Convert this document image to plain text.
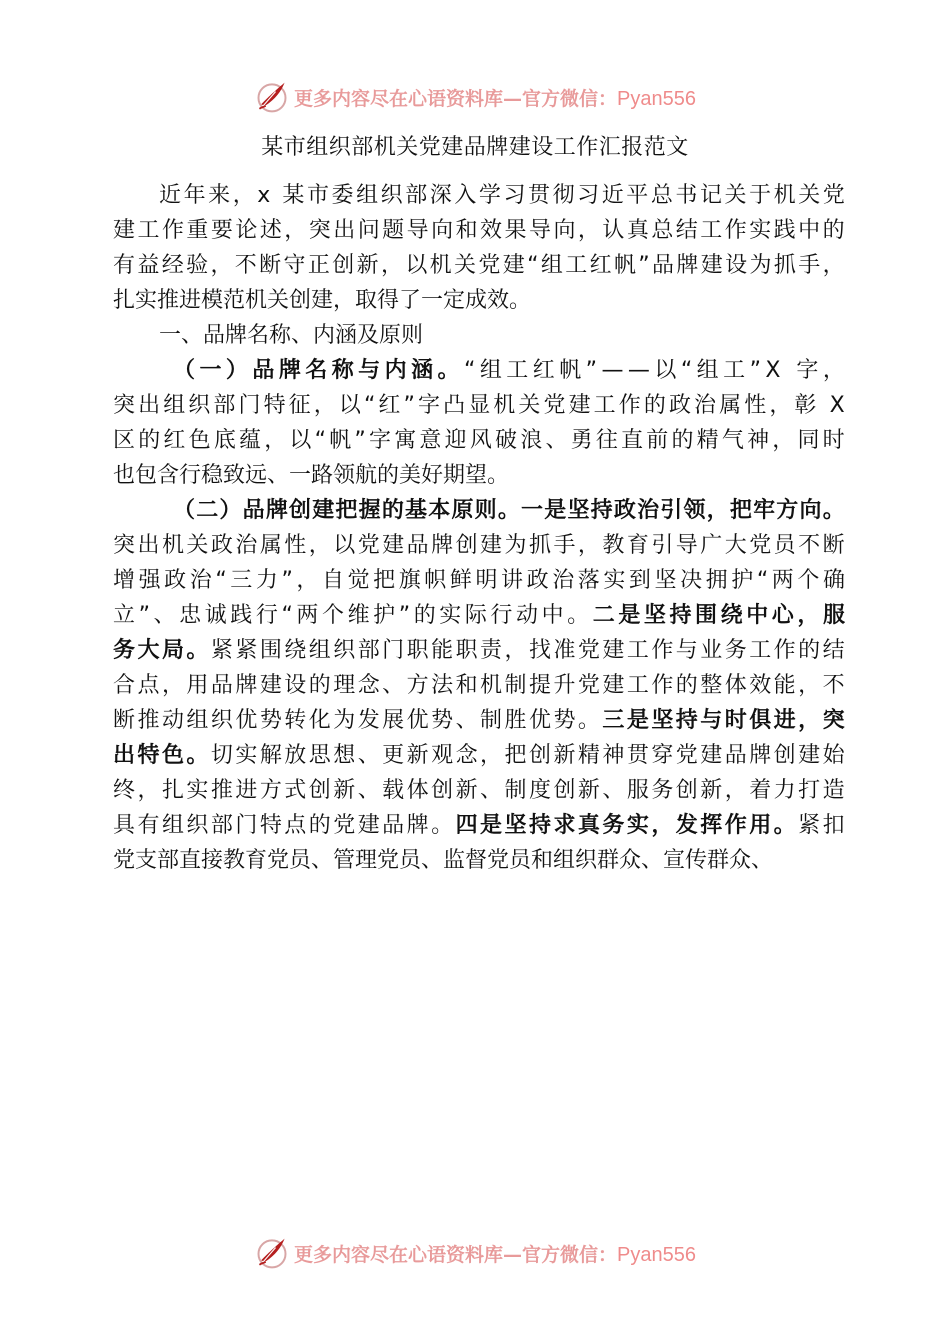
更多内容尽在心语资料库—官方微信：Pyan556
某市组织部机关党建品牌建设工作汇报范文
近 年 来 ， x
某 市 委 组 织 部 深 入 学 习 贯 彻 习 近 平 总 书 记 关 于 机 关 党
建 工 作 重 要 论 述 ， 突 出 问 题 导 向 和 效 果 导 向 ， 认 真 总 结 工 作 实 践 中 的
有 益 经 验 ， 不 断 守 正 创 新 ， 以 机 关 党 建 “ 组 工 红 帆 ” 品 牌 建 设 为 抓 手 ，
扎实推进模范机关创建，取得了一定成效。
一、品牌名称、内涵及原则
（ 一 ） 品 牌 名 称 与 内 涵 。 “ 组 工 红 帆 ” — — 以 “ 组 工 ” X
字 ，
突 出 组 织 部 门 特 征 ， 以 “ 红 ” 字 凸 显 机 关 党 建 工 作 的 政 治 属 性 ， 彰
X
区 的 红 色 底 蕴 ， 以 “ 帆 ” 字 寓 意 迎 风 破 浪 、 勇 往 直 前 的 精 气 神 ， 同 时
也包含行稳致远、一路领航的美好期望。
（ 二 ） 品 牌 创 建 把 握 的 基 本 原 则 。 一 是 坚 持 政 治 引 领 ， 把 牢 方 向 。
突 出 机 关 政 治 属 性 ， 以 党 建 品 牌 创 建 为 抓 手 ， 教 育 引 导 广 大 党 员 不 断
增 强 政 治 “ 三 力 ” ， 自 觉 把 旗 帜 鲜 明 讲 政 治 落 实 到 坚 决 拥 护 “ 两 个 确
立 ” 、 忠 诚 践 行 “ 两 个 维 护 ” 的 实 际 行 动 中 。 二 是 坚 持 围 绕 中 心 ， 服
务 大 局 。 紧 紧 围 绕 组 织 部 门 职 能 职 责 ， 找 准 党 建 工 作 与 业 务 工 作 的 结
合 点 ， 用 品 牌 建 设 的 理 念 、 方 法 和 机 制 提 升 党 建 工 作 的 整 体 效 能 ， 不
断 推 动 组 织 优 势 转 化 为 发 展 优 势 、 制 胜 优 势 。 三 是 坚 持 与 时 俱 进 ， 突
出 特 色 。 切 实 解 放 思 想 、 更 新 观 念 ， 把 创 新 精 神 贯 穿 党 建 品 牌 创 建 始
终 ， 扎 实 推 进 方 式 创 新 、 载 体 创 新 、 制 度 创 新 、 服 务 创 新 ， 着 力 打 造
具 有 组 织 部 门 特 点 的 党 建 品 牌 。 四 是 坚 持 求 真 务 实 ， 发 挥 作 用 。 紧 扣
党支部直接教育党员、管理党员、监督党员和组织群众、宣传群众、
更多内容尽在心语资料库—官方微信：Pyan556
